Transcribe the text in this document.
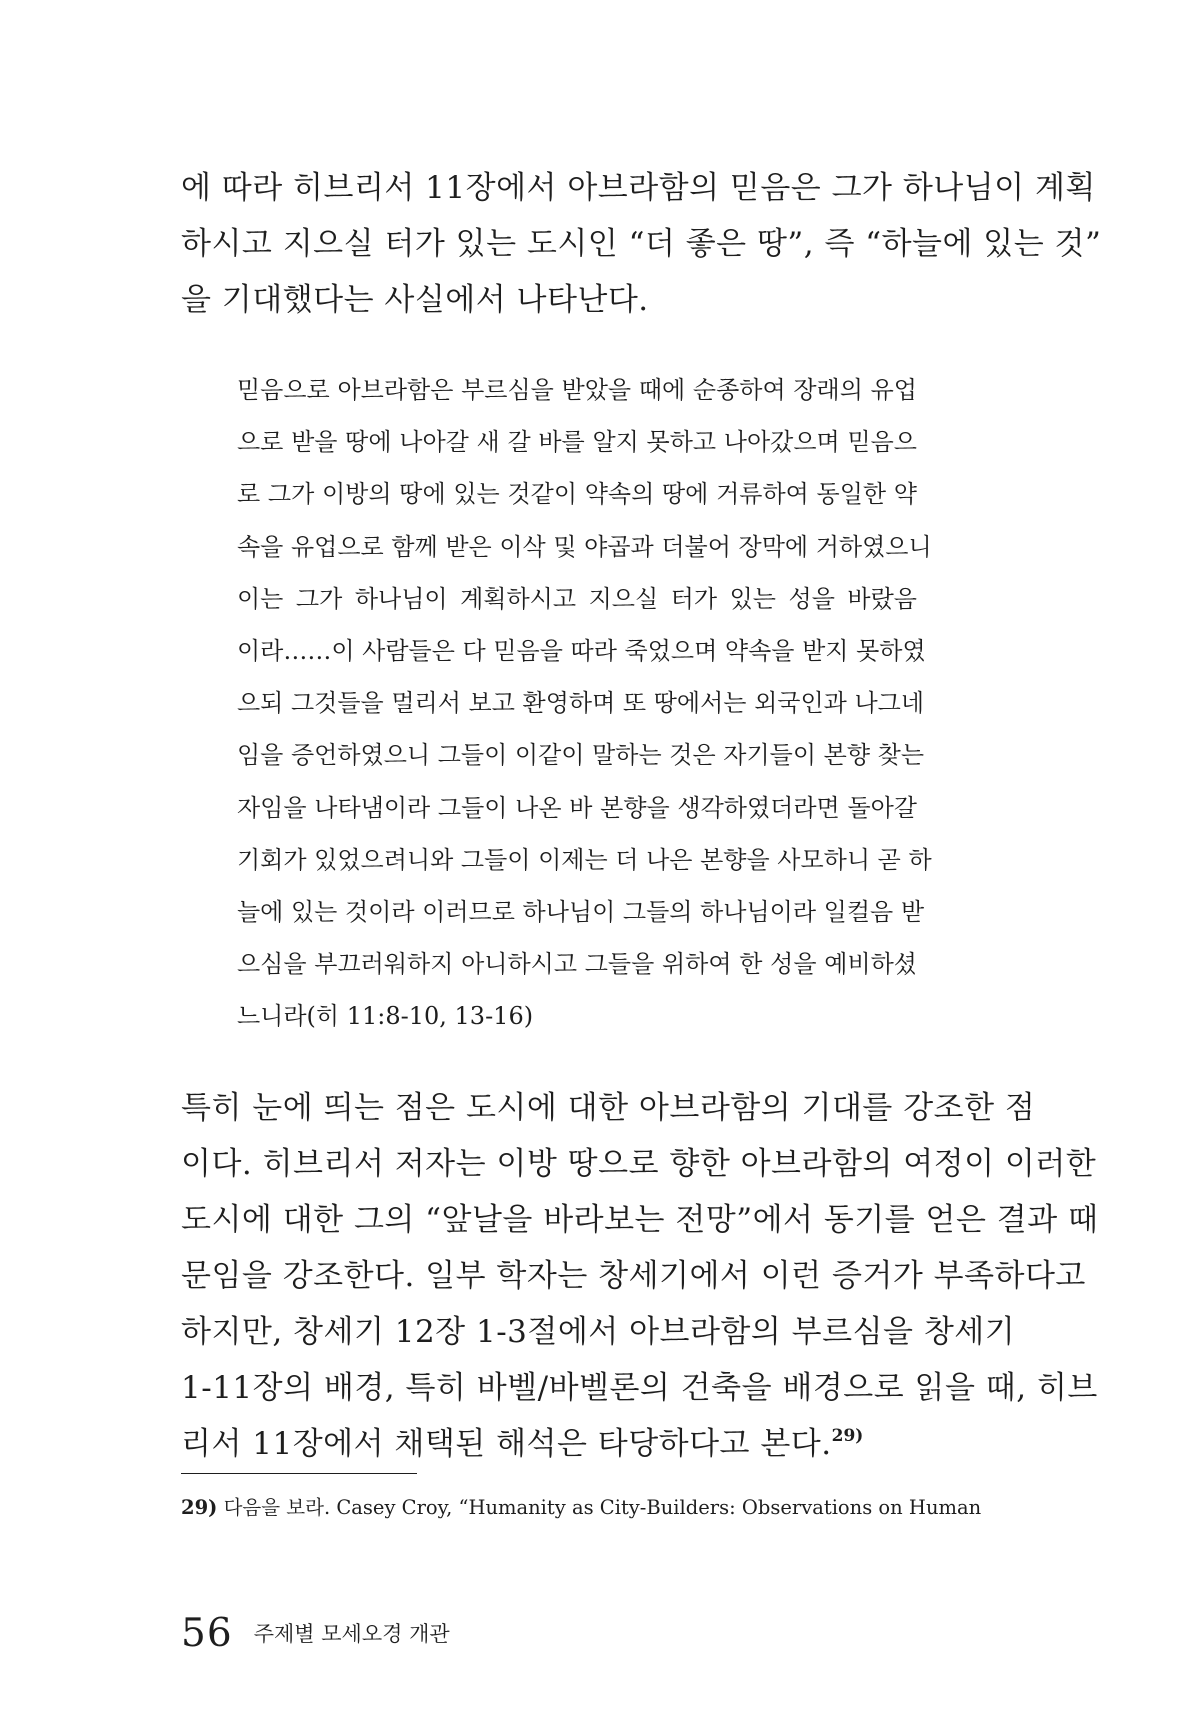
에 따라 히브리서 11장에서 아브라함의 믿음은 그가 하나님이 계획
하시고 지으실 터가 있는 도시인 “더 좋은 땅”, 즉 “하늘에 있는 것”
을 기대했다는 사실에서 나타난다.
믿음으로 아브라함은 부르심을 받았을 때에 순종하여 장래의 유업
으로 받을 땅에 나아갈 새 갈 바를 알지 못하고 나아갔으며 믿음으
로 그가 이방의 땅에 있는 것같이 약속의 땅에 거류하여 동일한 약
속을 유업으로 함께 받은 이삭 및 야곱과 더불어 장막에 거하였으니
이는 그가 하나님이 계획하시고 지으실 터가 있는 성을 바랐음
이라……이 사람들은 다 믿음을 따라 죽었으며 약속을 받지 못하였
으되 그것들을 멀리서 보고 환영하며 또 땅에서는 외국인과 나그네
임을 증언하였으니 그들이 이같이 말하는 것은 자기들이 본향 찾는
자임을 나타냄이라 그들이 나온 바 본향을 생각하였더라면 돌아갈
기회가 있었으려니와 그들이 이제는 더 나은 본향을 사모하니 곧 하
늘에 있는 것이라 이러므로 하나님이 그들의 하나님이라 일컬음 받
으심을 부끄러워하지 아니하시고 그들을 위하여 한 성을 예비하셨
느니라(히 11:8-10, 13-16)
특히 눈에 띄는 점은 도시에 대한 아브라함의 기대를 강조한 점
이다. 히브리서 저자는 이방 땅으로 향한 아브라함의 여정이 이러한
도시에 대한 그의 “앞날을 바라보는 전망”에서 동기를 얻은 결과 때
문임을 강조한다. 일부 학자는 창세기에서 이런 증거가 부족하다고
하지만, 창세기 12장 1-3절에서 아브라함의 부르심을 창세기
1-11장의 배경, 특히 바벨/바벨론의 건축을 배경으로 읽을 때, 히브
리서 11장에서 채택된 해석은 타당하다고 본다.$^{29)}$
29) 다음을 보라. Casey Croy, “Humanity as City-Builders: Observations on Human
56 주제별 모세오경 개관
